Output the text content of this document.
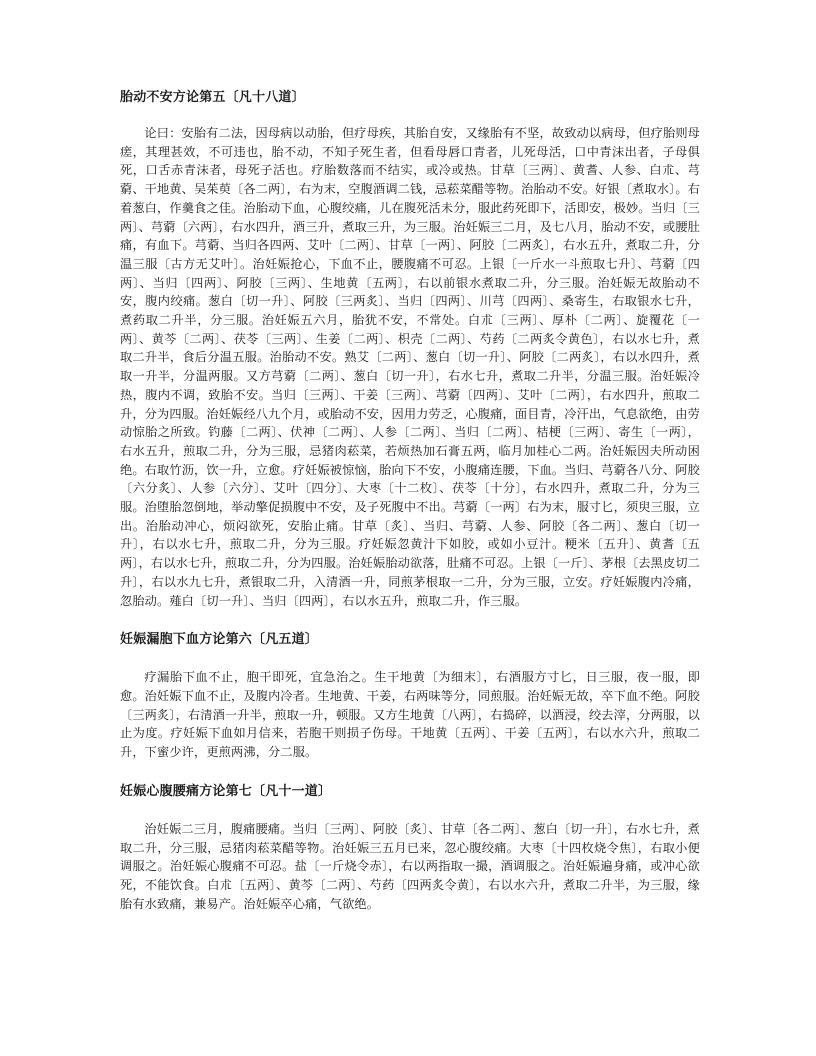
胎动不安方论第五〔凡十八道〕

论曰：安胎有二法，因母病以动胎，但疗母疾，其胎自安，又缘胎有不坚，故致动以病母，但疗胎则母瘥，其理甚效，不可违也，胎不动，不知子死生者，但看母唇口青者，儿死母活，口中青沫出者，子母俱死，口舌赤青沫者，母死子活也。疗胎数落而不结实，或冷或热。甘草〔三两〕、黄耆、人参、白朮、芎藭、干地黄、吴茱萸〔各二两〕，右为末，空腹酒调二钱，忌菘菜醋等物。治胎动不安。好银〔煮取水〕。右着葱白，作羹食之佳。治胎动下血，心腹绞痛，儿在腹死活未分，服此药死即下，活即安，极妙。当归〔三两〕、芎藭〔六两〕，右水四升，酒三升，煮取三升，为三服。治妊娠三二月，及七八月，胎动不安，或腰肚痛，有血下。芎藭、当归各四两、艾叶〔二两〕、甘草〔一两〕、阿胶〔二两炙〕，右水五升，煮取二升，分温三服〔古方无艾叶〕。治妊娠抢心，下血不止，腰腹痛不可忍。上银〔一斤水一斗煎取七升〕、芎藭〔四两〕、当归〔四两〕、阿胶〔三两〕、生地黄〔五两〕，右以前银水煮取二升，分三服。治妊娠无故胎动不安，腹内绞痛。葱白〔切一升〕、阿胶〔三两炙〕、当归〔四两〕、川芎〔四两〕、桑寄生，右取银水七升，煮药取二升半，分三服。治妊娠五六月，胎犹不安，不常处。白朮〔三两〕、厚朴〔二两〕、旋覆花〔一两〕、黄芩〔二两〕、茯苓〔三两〕、生姜〔二两〕、枳壳〔二两〕、芍药〔二两炙令黄色〕，右以水七升，煮取二升半，食后分温五服。治胎动不安。熟艾〔二两〕、葱白〔切一升〕、阿胶〔二两炙〕，右以水四升，煮取一升半，分温两服。又方芎藭〔二两〕、葱白〔切一升〕，右水七升，煮取二升半，分温三服。治妊娠冷热，腹内不调，致胎不安。当归〔三两〕、干姜〔三两〕、芎藭〔四两〕、艾叶〔二两〕，右水四升，煎取二升，分为四服。治妊娠经八九个月，或胎动不安，因用力劳乏，心腹痛，面目青，冷汗出，气息欲绝，由劳动惊胎之所致。钓藤〔二两〕、伏神〔二两〕、人参〔二两〕、当归〔二两〕、桔梗〔三两〕、寄生〔一两〕，右水五升，煎取二升，分为三服，忌猪肉菘菜，若烦热加石膏五两，临月加桂心二两。治妊娠因夫所动困绝。右取竹沥，饮一升，立愈。疗妊娠被惊恼，胎向下不安，小腹痛连腰，下血。当归、芎藭各八分、阿胶〔六分炙〕、人参〔六分〕、艾叶〔四分〕、大枣〔十二枚〕、茯苓〔十分〕，右水四升，煮取二升，分为三服。治堕胎忽倒地，举动擎促损腹中不安，及子死腹中不出。芎藭〔一两〕右为末，服寸匕，须臾三服，立出。治胎动冲心，烦闷欲死，安胎止痛。甘草〔炙〕、当归、芎藭、人参、阿胶〔各二两〕、葱白〔切一升〕，右以水七升，煎取二升，分为三服。疗妊娠忽黄汁下如胶，或如小豆汁。粳米〔五升〕、黄耆〔五两〕，右以水七升，煎取二升，分为四服。治妊娠胎动欲落，肚痛不可忍。上银〔一斤〕、茅根〔去黑皮切二升〕，右以水九七升，煮银取二升，入清酒一升，同煎茅根取一二升，分为三服，立安。疗妊娠腹内冷痛，忽胎动。薤白〔切一升〕、当归〔四两〕，右以水五升，煎取二升，作三服。

妊娠漏胞下血方论第六〔凡五道〕

疗漏胎下血不止，胞干即死，宜急治之。生干地黄〔为细末〕，右酒服方寸匕，日三服，夜一服，即愈。治妊娠下血不止，及腹内冷者。生地黄、干姜，右两味等分，同煎服。治妊娠无故，卒下血不绝。阿胶〔三两炙〕，右清酒一升半，煎取一升，顿服。又方生地黄〔八两〕，右捣碎，以酒浸，绞去滓，分两服，以止为度。疗妊娠下血如月信来，若胞干则损子伤母。干地黄〔五两〕、干姜〔五两〕，右以水六升，煎取二升，下蜜少许，更煎两沸，分二服。

妊娠心腹腰痛方论第七〔凡十一道〕

治妊娠二三月，腹痛腰痛。当归〔三两〕、阿胶〔炙〕、甘草〔各二两〕、葱白〔切一升〕，右水七升，煮取二升，分三服，忌猪肉菘菜醋等物。治妊娠三五月已来，忽心腹绞痛。大枣〔十四枚烧令焦〕，右取小便调服之。治妊娠心腹痛不可忍。盐〔一斤烧令赤〕，右以两指取一撮，酒调服之。治妊娠遍身痛，或冲心欲死，不能饮食。白朮〔五两〕、黄芩〔二两〕、芍药〔四两炙令黄〕，右以水六升，煮取二升半，为三服，缘胎有水致痛，兼易产。治妊娠卒心痛，气欲绝。
